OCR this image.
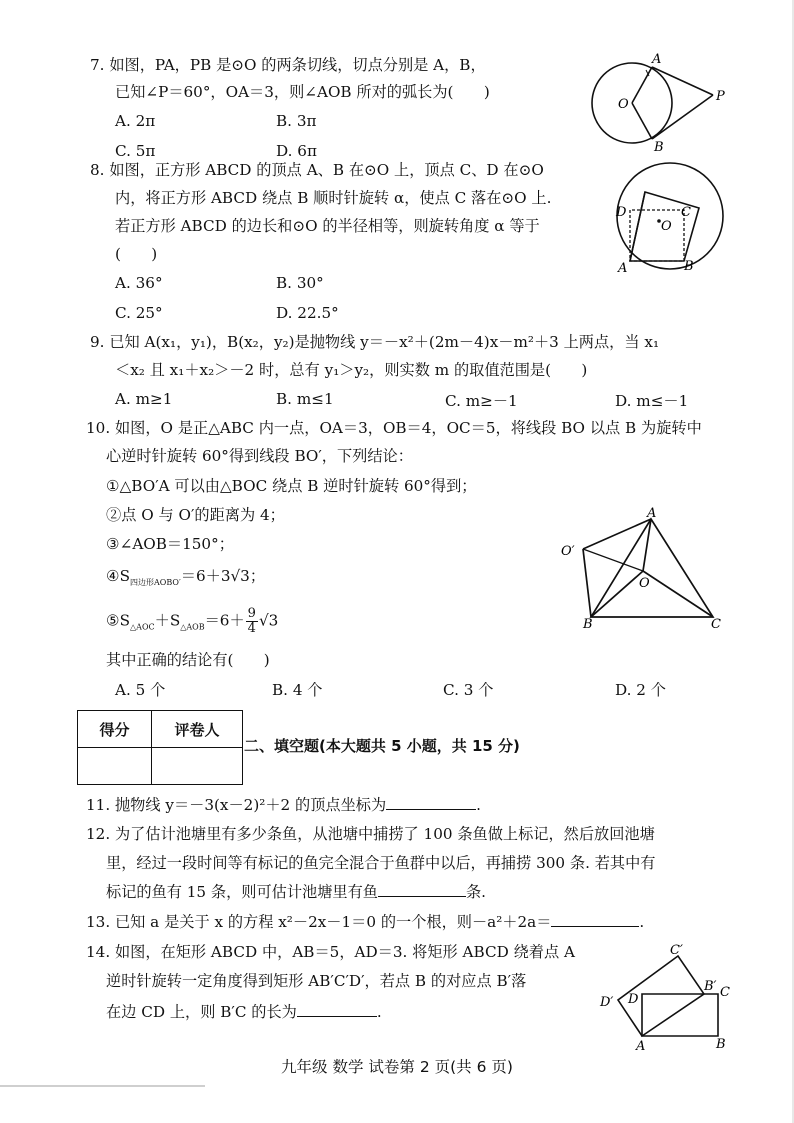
7. 如图，PA，PB 是⊙O 的两条切线，切点分别是 A，B，
已知∠P＝60°，OA＝3，则∠AOB 所对的弧长为(　　)
A. 2π	B. 3π
C. 5π	D. 6π
A
O
P
B
8. 如图，正方形 ABCD 的顶点 A、B 在⊙O 上，顶点 C、D 在⊙O
内，将正方形 ABCD 绕点 B 顺时针旋转 α，使点 C 落在⊙O 上.
若正方形 ABCD 的边长和⊙O 的半径相等，则旋转角度 α 等于
(　　)
A. 36°	B. 30°
C. 25°	D. 22.5°
D	C
O
A	B
9. 已知 A(x₁，y₁)，B(x₂，y₂)是抛物线 y＝－x²＋(2m－4)x－m²＋3 上两点，当 x₁
＜x₂ 且 x₁＋x₂＞－2 时，总有 y₁＞y₂，则实数 m 的取值范围是(　　)
A. m≥1	B. m≤1	C. m≥－1	D. m≤－1
10. 如图，O 是正△ABC 内一点，OA＝3，OB＝4，OC＝5，将线段 BO 以点 B 为旋转中
心逆时针旋转 60°得到线段 BO′，下列结论：
①△BO′A 可以由△BOC 绕点 B 逆时针旋转 60°得到；
②点 O 与 O′的距离为 4；
③∠AOB＝150°；
$④S_{四边形AOBO'}=6+3√3$；
$⑤S_{\triangle AOC}+S_{\triangle AOB}=6+ \frac{9}{4} √3$
其中正确的结论有(　　)
A. 5 个	B. 4 个	C. 3 个	D. 2 个
A
O′
O
B	C
得分	评卷人

二、填空题(本大题共 5 小题，共 15 分)
11. 抛物线 y＝－3(x－2)²＋2 的顶点坐标为	.
12. 为了估计池塘里有多少条鱼，从池塘中捕捞了 100 条鱼做上标记，然后放回池塘
里，经过一段时间等有标记的鱼完全混合于鱼群中以后，再捕捞 300 条. 若其中有
标记的鱼有 15 条，则可估计池塘里有鱼	条.
13. 已知 a 是关于 x 的方程 x²－2x－1＝0 的一个根，则－a²＋2a＝	.
14. 如图，在矩形 ABCD 中，AB＝5，AD＝3. 将矩形 ABCD 绕着点 A
逆时针旋转一定角度得到矩形 AB′C′D′，若点 B 的对应点 B′落
在边 CD 上，则 B′C 的长为	.
C′
B′ C
D′ D
A	B
九年级 数学 试卷第 2 页(共 6 页)
